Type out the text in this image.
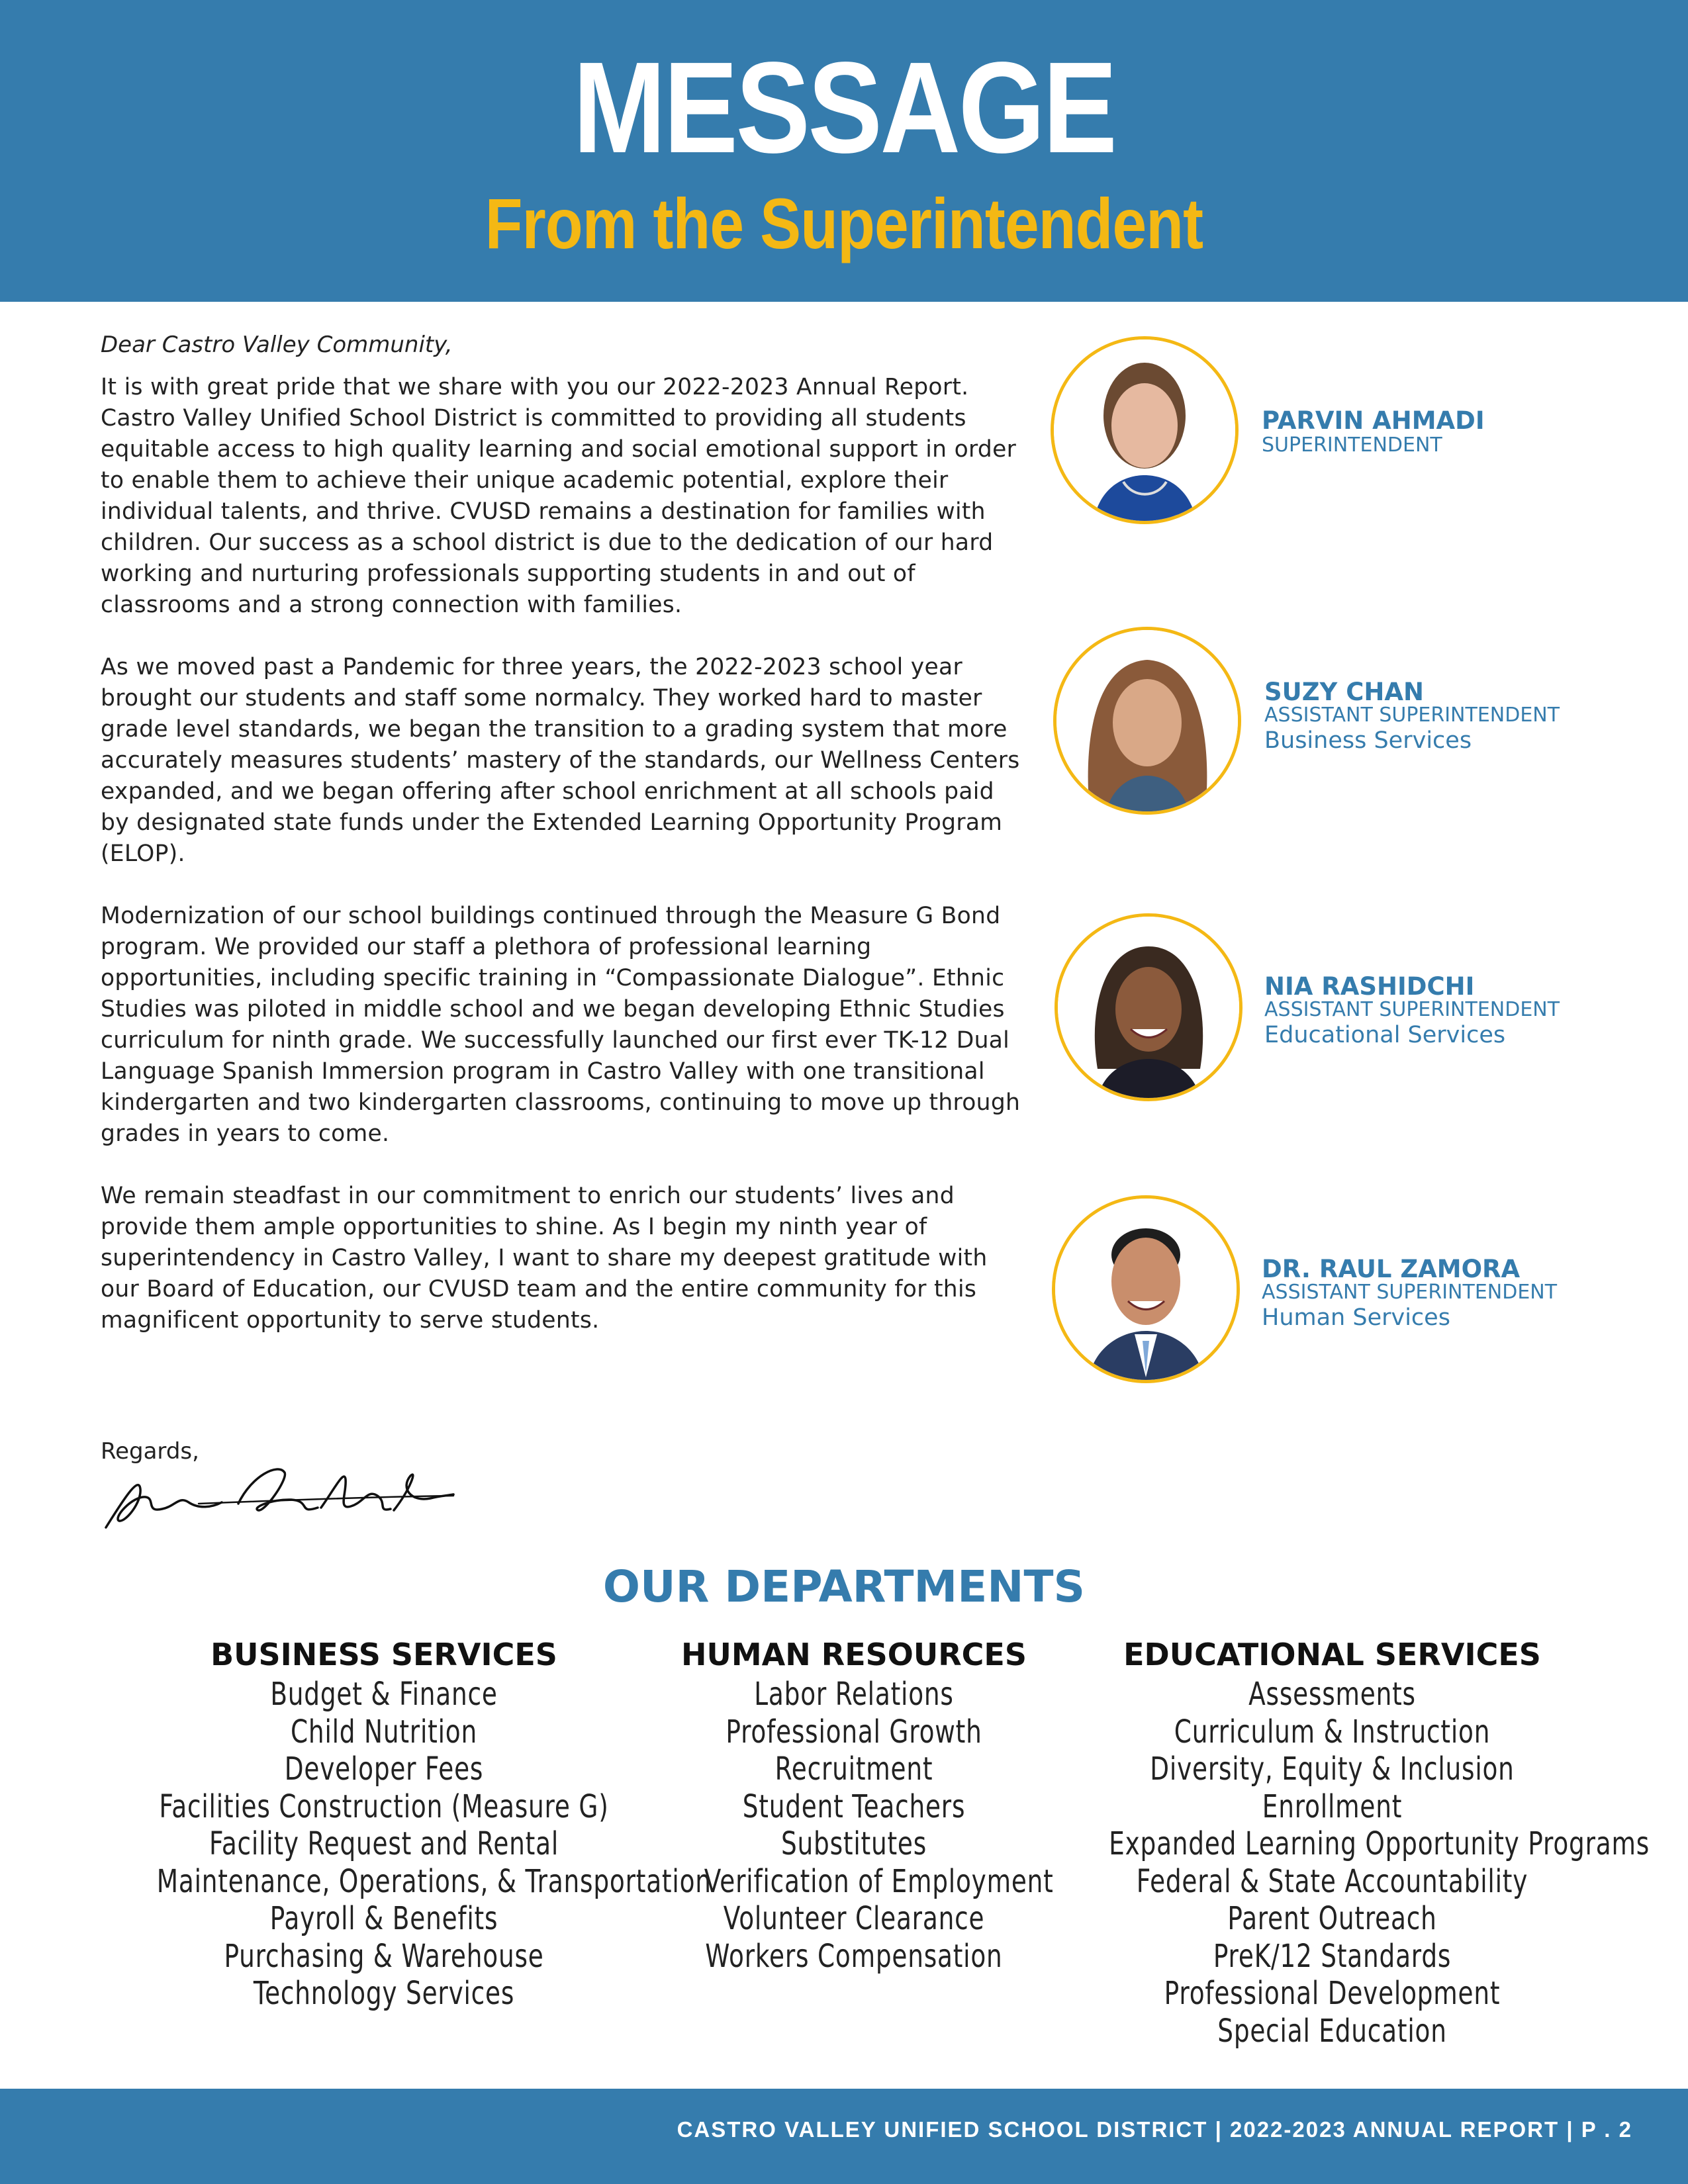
MESSAGE
From the Superintendent

Dear Castro Valley Community,

It is with great pride that we share with you our 2022-2023 Annual Report. Castro Valley Unified School District is committed to providing all students equitable access to high quality learning and social emotional support in order to enable them to achieve their unique academic potential, explore their individual talents, and thrive. CVUSD remains a destination for families with children. Our success as a school district is due to the dedication of our hard working and nurturing professionals supporting students in and out of classrooms and a strong connection with families.

As we moved past a Pandemic for three years, the 2022-2023 school year brought our students and staff some normalcy. They worked hard to master grade level standards, we began the transition to a grading system that more accurately measures students’ mastery of the standards, our Wellness Centers expanded, and we began offering after school enrichment at all schools paid by designated state funds under the Extended Learning Opportunity Program (ELOP).

Modernization of our school buildings continued through the Measure G Bond program. We provided our staff a plethora of professional learning opportunities, including specific training in “Compassionate Dialogue”. Ethnic Studies was piloted in middle school and we began developing Ethnic Studies curriculum for ninth grade. We successfully launched our first ever TK-12 Dual Language Spanish Immersion program in Castro Valley with one transitional kindergarten and two kindergarten classrooms, continuing to move up through grades in years to come.

We remain steadfast in our commitment to enrich our students’ lives and provide them ample opportunities to shine. As I begin my ninth year of superintendency in Castro Valley, I want to share my deepest gratitude with our Board of Education, our CVUSD team and the entire community for this magnificent opportunity to serve students.

Regards,
PARVIN AHMADI
SUPERINTENDENT
SUZY CHAN
ASSISTANT SUPERINTENDENT
Business Services
NIA RASHIDCHI
ASSISTANT SUPERINTENDENT
Educational Services
DR. RAUL ZAMORA
ASSISTANT SUPERINTENDENT
Human Services
OUR DEPARTMENTS
BUSINESS SERVICES
Budget & Finance
Child Nutrition
Developer Fees
Facilities Construction (Measure G)
Facility Request and Rental
Maintenance, Operations, & Transportation
Payroll & Benefits
Purchasing & Warehouse
Technology Services
HUMAN RESOURCES
Labor Relations
Professional Growth
Recruitment
Student Teachers
Substitutes
Verification of Employment
Volunteer Clearance
Workers Compensation
EDUCATIONAL SERVICES
Assessments
Curriculum & Instruction
Diversity, Equity & Inclusion
Enrollment
Expanded Learning Opportunity Programs
Federal & State Accountability
Parent Outreach
PreK/12 Standards
Professional Development
Special Education
CASTRO VALLEY UNIFIED SCHOOL DISTRICT | 2022-2023 ANNUAL REPORT | P . 2
